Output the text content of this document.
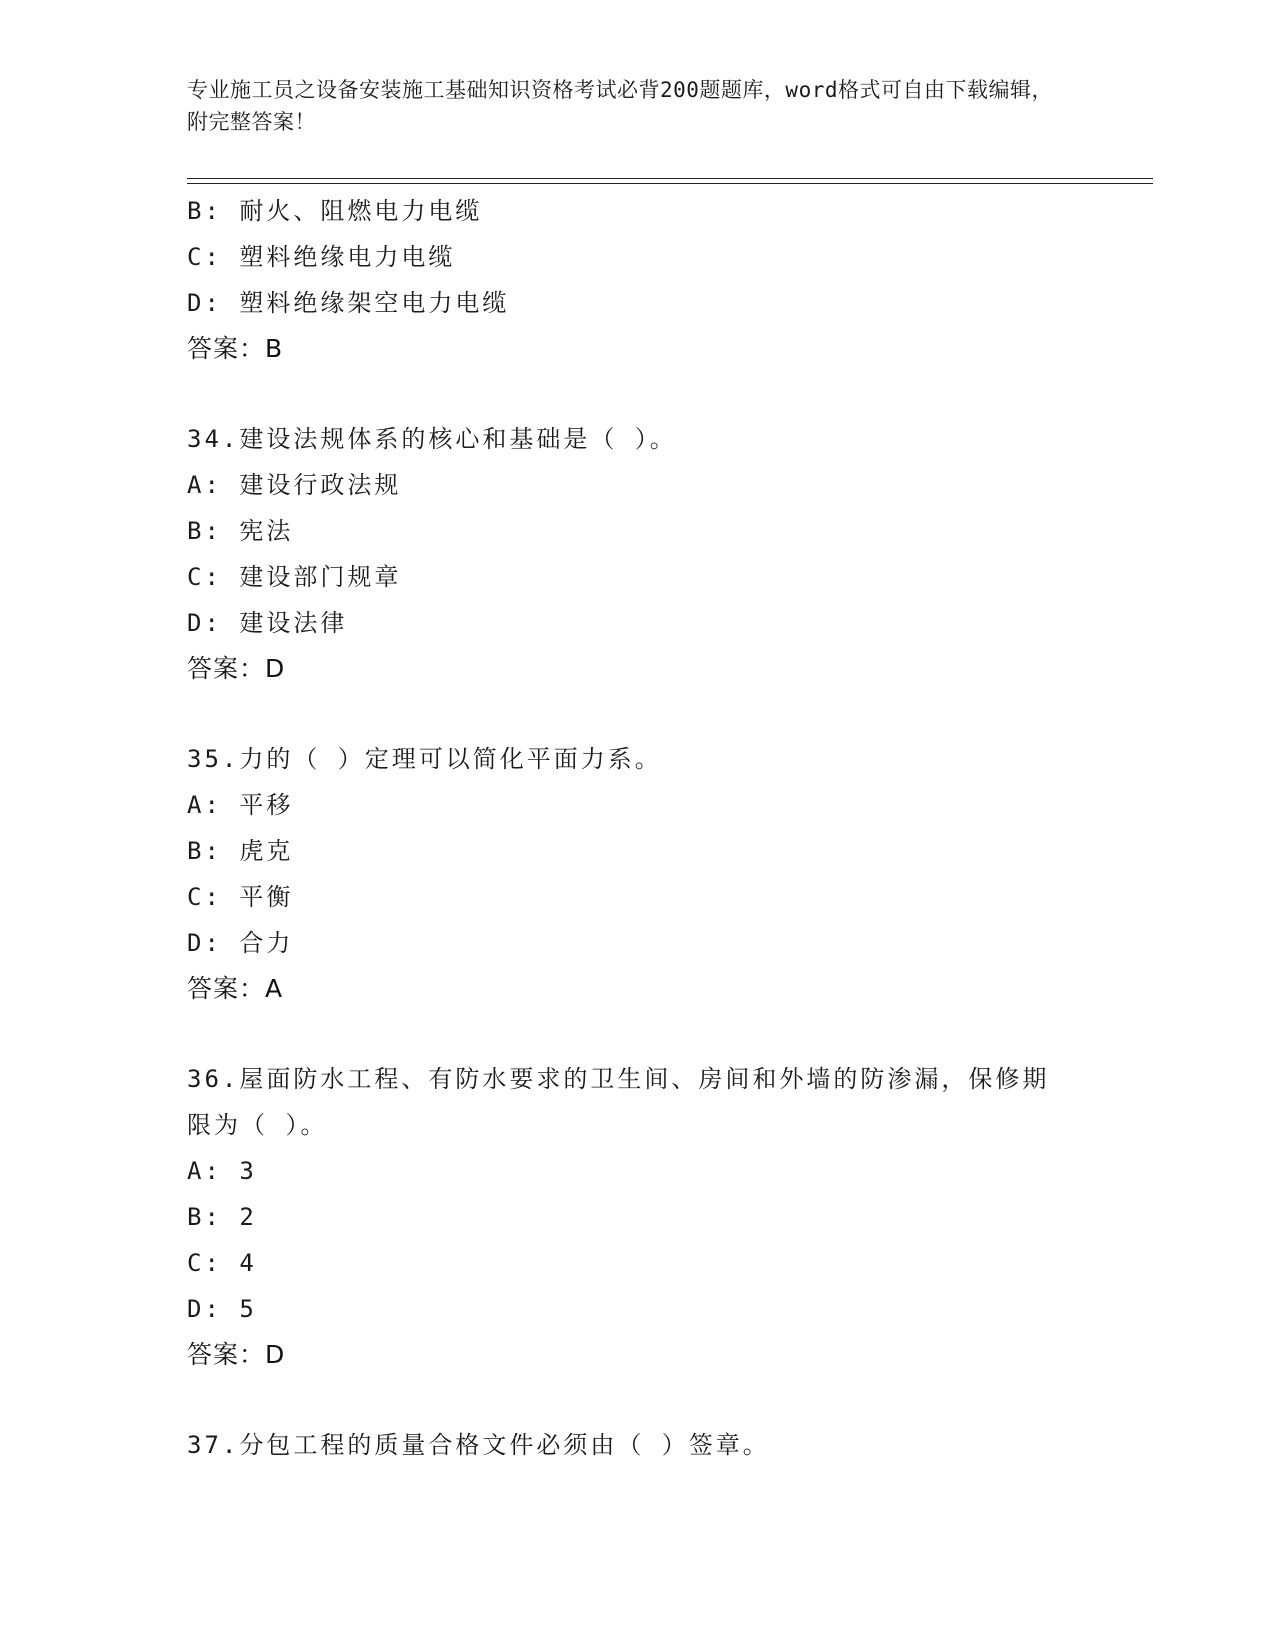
专业施工员之设备安装施工基础知识资格考试必背200题题库，word格式可自由下载编辑，附完整答案！
B: 耐火、阻燃电力电缆
C: 塑料绝缘电力电缆
D: 塑料绝缘架空电力电缆
答案：B
34.建设法规体系的核心和基础是（ ）。
A: 建设行政法规
B: 宪法
C: 建设部门规章
D: 建设法律
答案：D
35.力的（ ）定理可以简化平面力系。
A: 平移
B: 虎克
C: 平衡
D: 合力
答案：A
36.屋面防水工程、有防水要求的卫生间、房间和外墙的防渗漏，保修期限为（ ）。
A: 3
B: 2
C: 4
D: 5
答案：D
37.分包工程的质量合格文件必须由（ ）签章。
